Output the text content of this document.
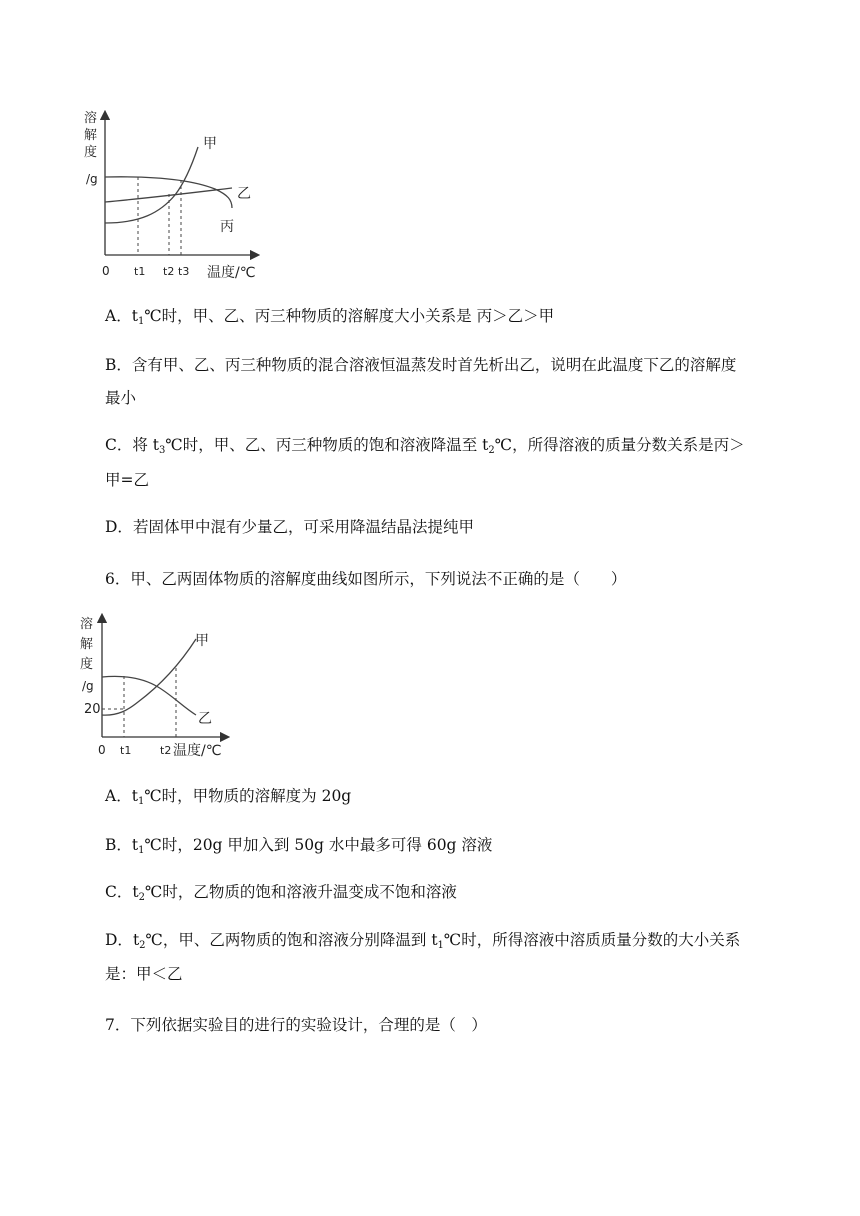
溶
解
度
/g
甲
乙
丙
0 t1 t2 t3 温度/℃
A．$t_1℃$时，甲、乙、丙三种物质的溶解度大小关系是 丙＞乙＞甲
B．含有甲、乙、丙三种物质的混合溶液恒温蒸发时首先析出乙，说明在此温度下乙的溶解度
最小
C．将 $t_3℃$时，甲、乙、丙三种物质的饱和溶液降温至 $t_2℃$，所得溶液的质量分数关系是丙＞
甲=乙
D．若固体甲中混有少量乙，可采用降温结晶法提纯甲
6．甲、乙两固体物质的溶解度曲线如图所示，下列说法不正确的是（　　）
溶
解
度
/g
20
甲
乙
0 t1	t2 温度/℃
A．$t_1℃$时，甲物质的溶解度为 20g
B．$t_1℃$时，20g 甲加入到 50g 水中最多可得 60g 溶液
C．$t_2℃$时，乙物质的饱和溶液升温变成不饱和溶液
D．$t_2℃$，甲、乙两物质的饱和溶液分别降温到 $t_1℃$时，所得溶液中溶质质量分数的大小关系
是：甲＜乙
7．下列依据实验目的进行的实验设计，合理的是（　）
